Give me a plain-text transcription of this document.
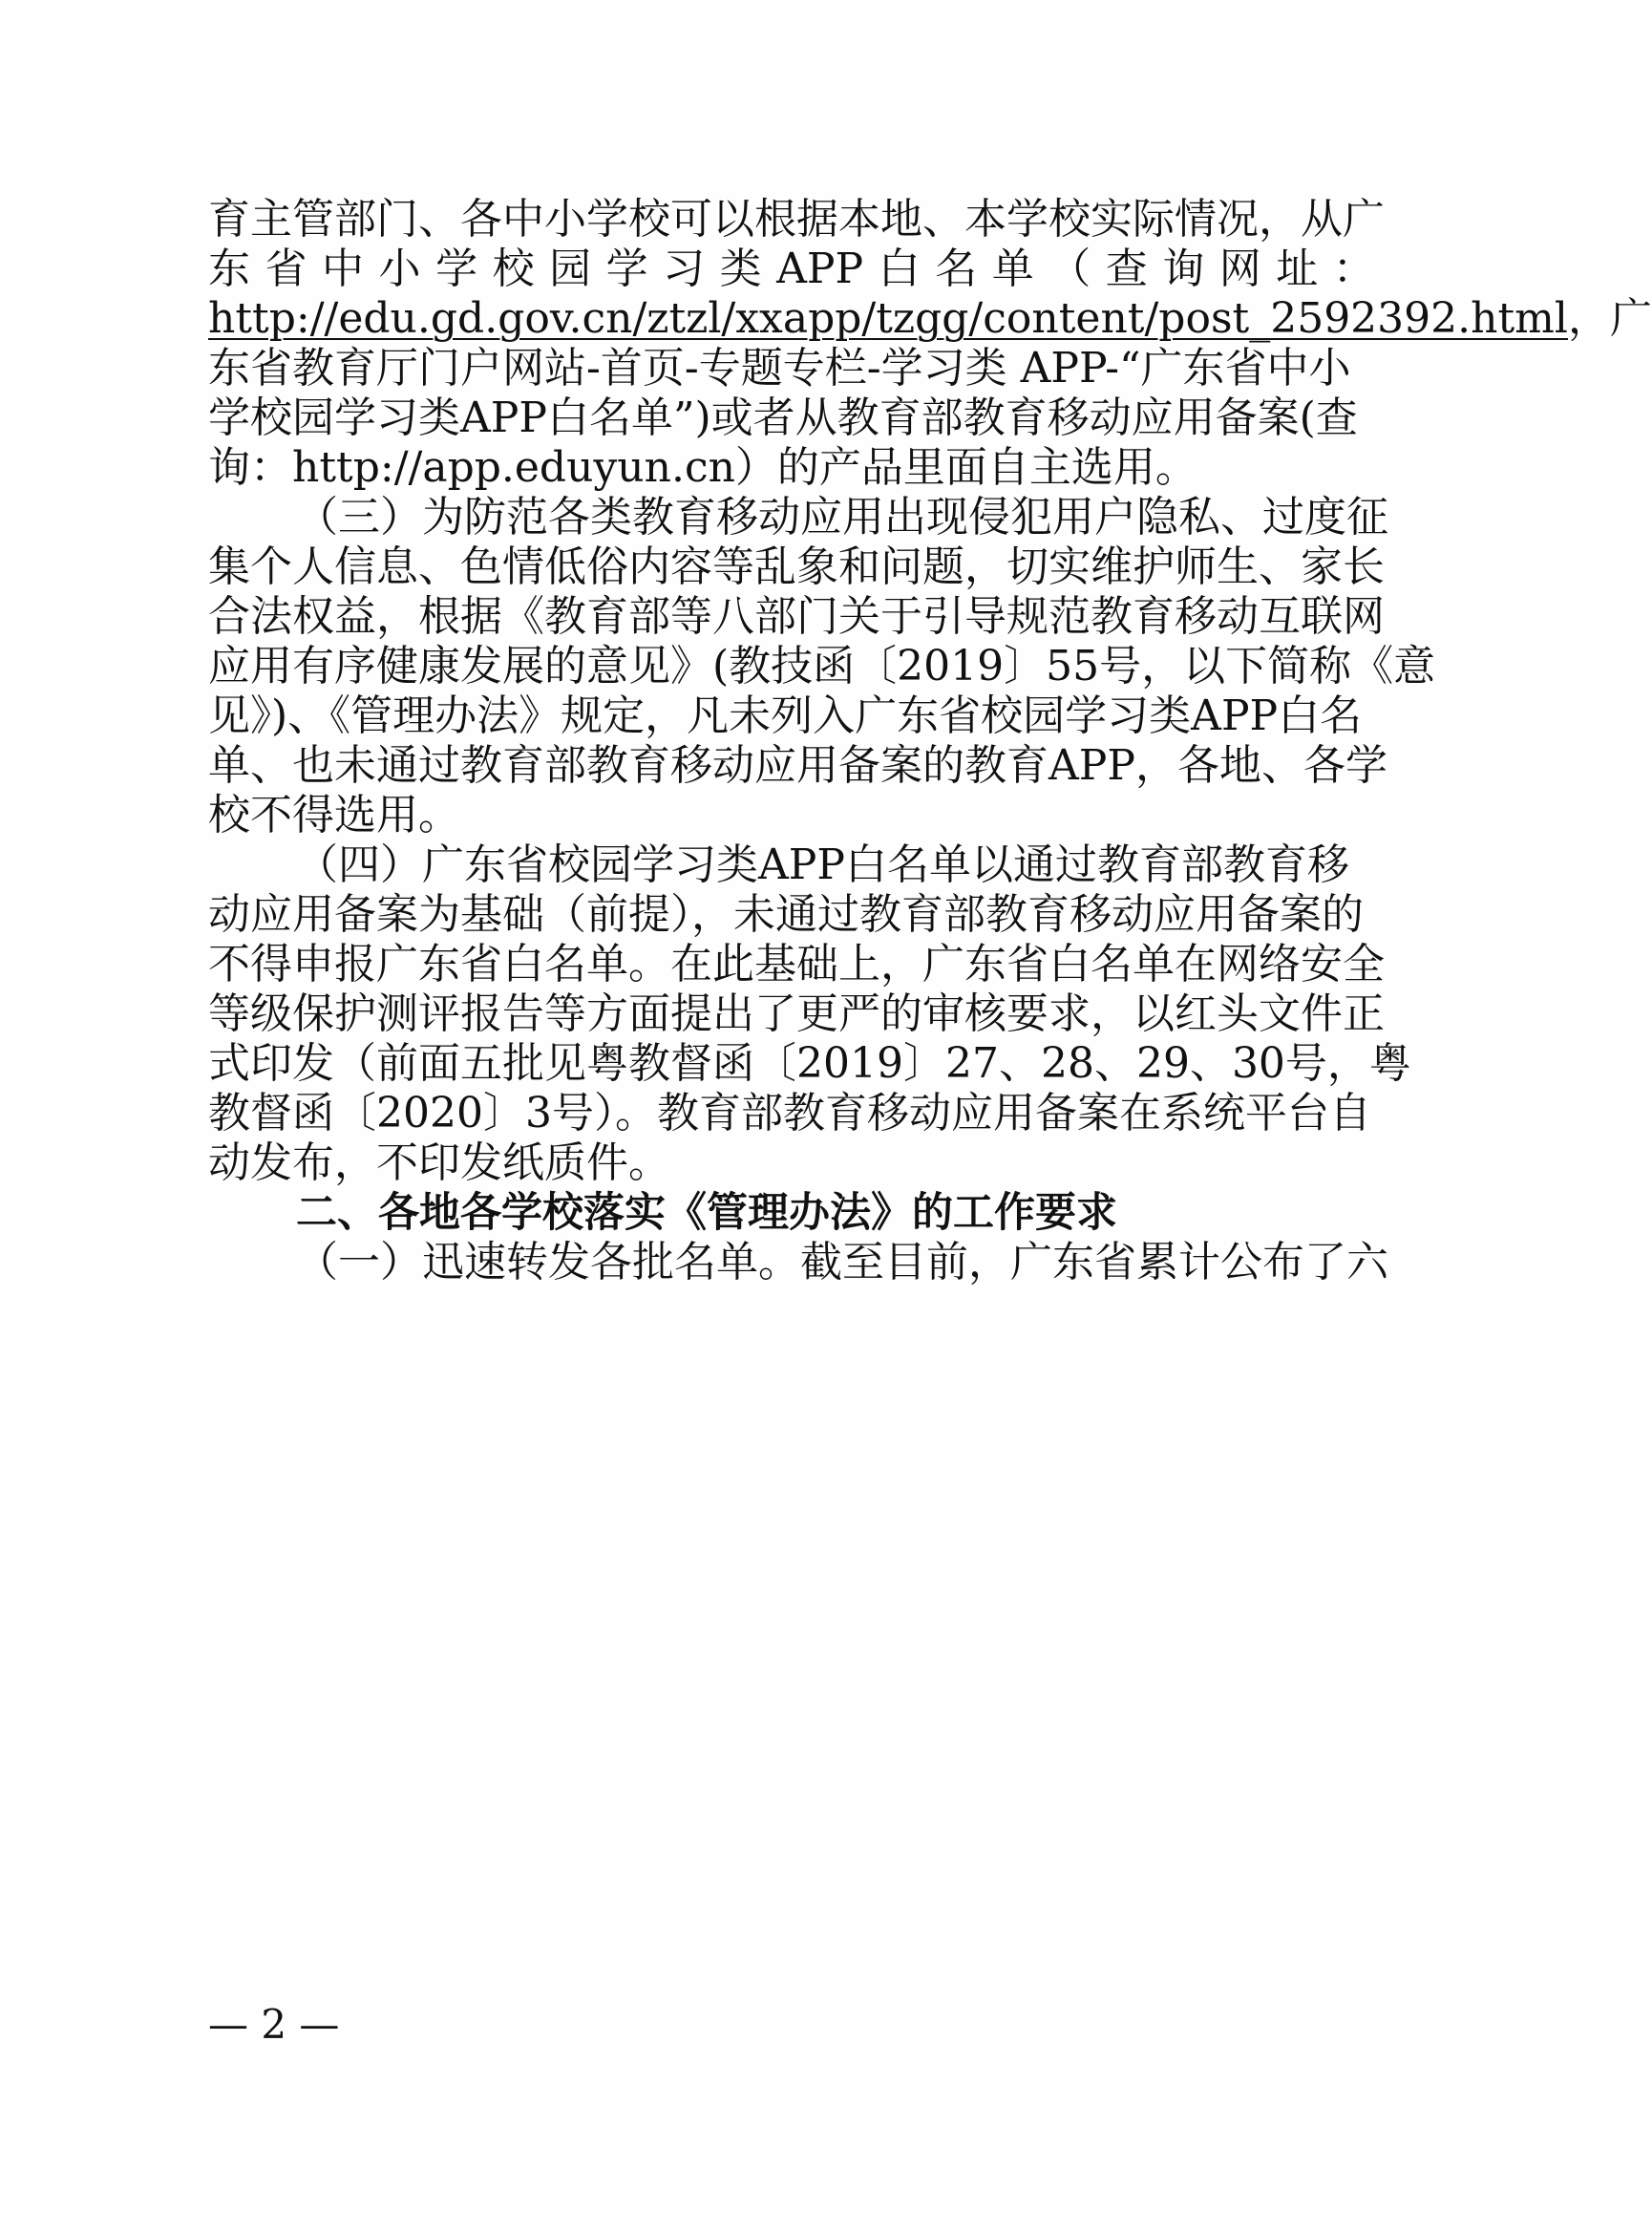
育主管部门、各中小学校可以根据本地、本学校实际情况，从广
东 省 中 小 学 校 园 学 习 类 APP 白 名 单 （ 查 询 网 址 ：
http://edu.gd.gov.cn/ztzl/xxapp/tzgg/content/post_2592392.html，广
东省教育厅门户网站-首页-专题专栏-学习类 APP-“广东省中小
学校园学习类APP白名单”)或者从教育部教育移动应用备案(查
询：http://app.eduyun.cn）的产品里面自主选用。
（三）为防范各类教育移动应用出现侵犯用户隐私、过度征
集个人信息、色情低俗内容等乱象和问题，切实维护师生、家长
合法权益，根据《教育部等八部门关于引导规范教育移动互联网
应用有序健康发展的意见》(教技函〔2019〕55号，以下简称《意
见》)、《管理办法》规定，凡未列入广东省校园学习类APP白名
单、也未通过教育部教育移动应用备案的教育APP，各地、各学
校不得选用。
（四）广东省校园学习类APP白名单以通过教育部教育移
动应用备案为基础（前提），未通过教育部教育移动应用备案的
不得申报广东省白名单。在此基础上，广东省白名单在网络安全
等级保护测评报告等方面提出了更严的审核要求，以红头文件正
式印发（前面五批见粤教督函〔2019〕27、28、29、30号，粤
教督函〔2020〕3号）。教育部教育移动应用备案在系统平台自
动发布，不印发纸质件。
二、各地各学校落实《管理办法》的工作要求
（一）迅速转发各批名单。截至目前，广东省累计公布了六
— 2 —
